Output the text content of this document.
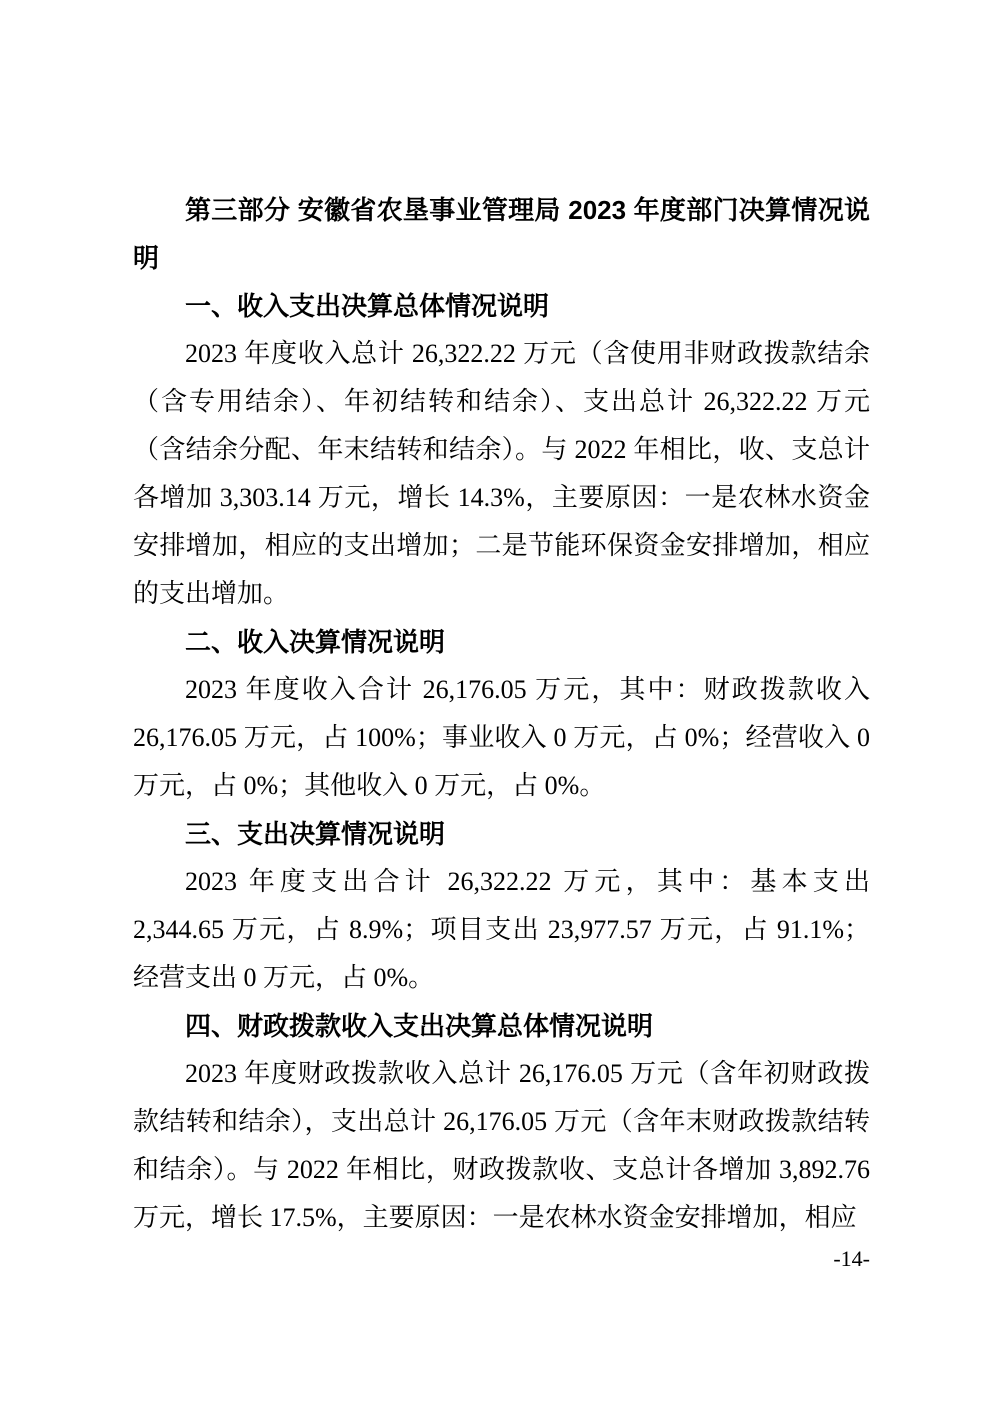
第三部分 安徽省农垦事业管理局 2023 年度部门决算情况说明

一、收入支出决算总体情况说明

2023 年度收入总计 26,322.22 万元（含使用非财政拨款结余（含专用结余）、年初结转和结余）、支出总计 26,322.22 万元（含结余分配、年末结转和结余）。与 2022 年相比，收、支总计各增加 3,303.14 万元，增长 14.3%，主要原因：一是农林水资金安排增加，相应的支出增加；二是节能环保资金安排增加，相应的支出增加。

二、收入决算情况说明

2023 年度收入合计 26,176.05 万元，其中：财政拨款收入 26,176.05 万元，占 100%；事业收入 0 万元，占 0%；经营收入 0 万元，占 0%；其他收入 0 万元，占 0%。

三、支出决算情况说明

2023 年度支出合计 26,322.22 万元，其中：基本支出 2,344.65 万元，占 8.9%；项目支出 23,977.57 万元，占 91.1%；经营支出 0 万元，占 0%。

四、财政拨款收入支出决算总体情况说明

2023 年度财政拨款收入总计 26,176.05 万元（含年初财政拨款结转和结余），支出总计 26,176.05 万元（含年末财政拨款结转和结余）。与 2022 年相比，财政拨款收、支总计各增加 3,892.76 万元，增长 17.5%，主要原因：一是农林水资金安排增加，相应

-14-
